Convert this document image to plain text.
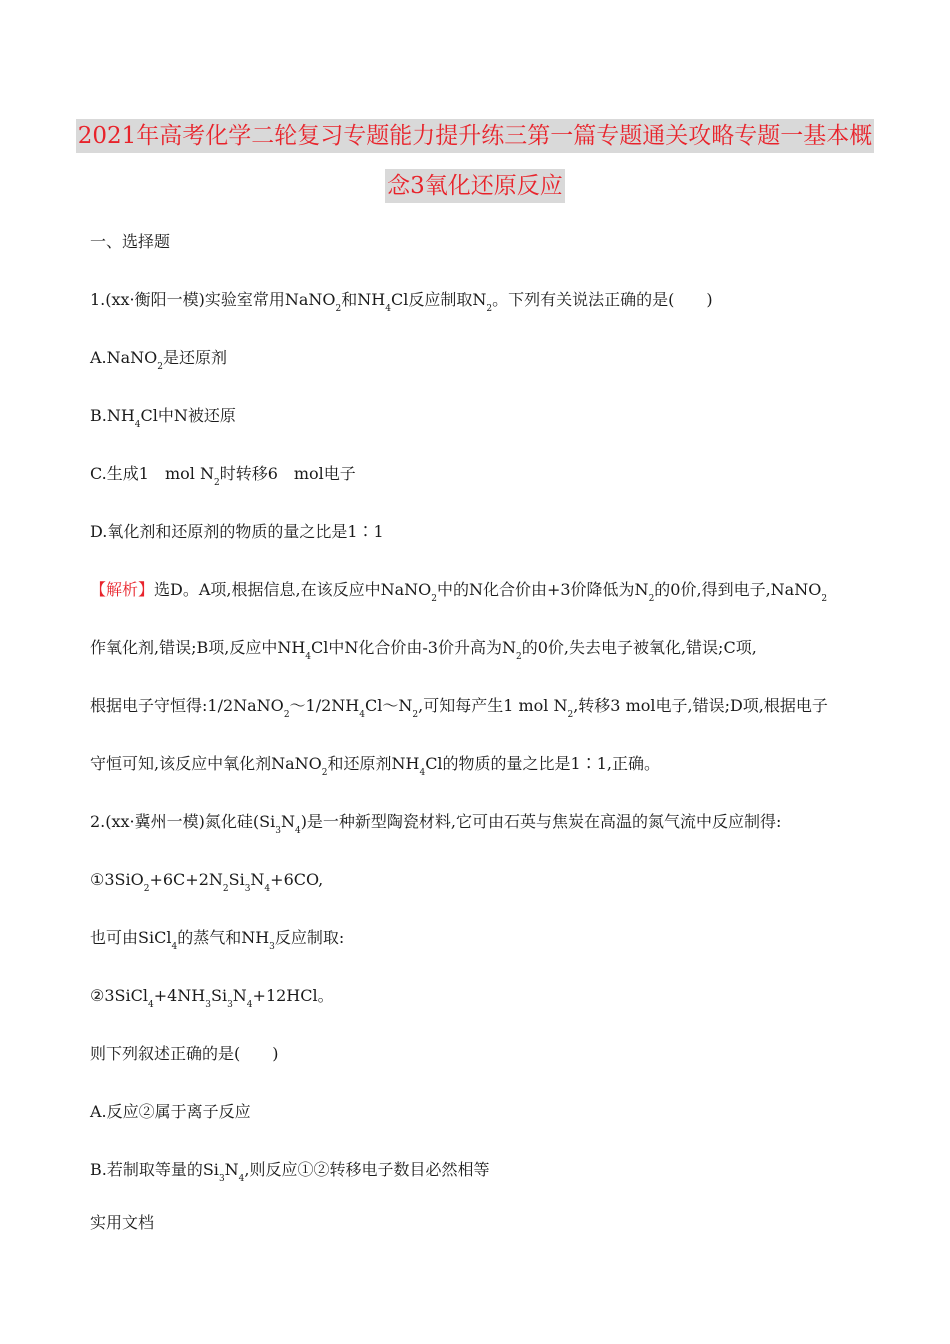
2021年高考化学二轮复习专题能力提升练三第一篇专题通关攻略专题一基本概
念3氧化还原反应
一、选择题
1.(xx·衡阳一模)实验室常用NaNO$_2$和$NH_4Cl$反应制取$N_2$。下列有关说法正确的是(　　)
A.NaNO$_2$是还原剂
$B.NH_4Cl$中N被还原
C.生成1　mol $N_2$时转移6　mol电子
D.氧化剂和还原剂的物质的量之比是1∶1
【解析】选D。A项,根据信息,在该反应中NaNO$_2$中的N化合价由+3价降低为$N_2$的0价,得到电子,NaNO$_2$
作氧化剂,错误;B项,反应中$NH_4Cl$中N化合价由-3价升高为$N_2$的0价,失去电子被氧化,错误;C项,
根据电子守恒得$:1/2NaNO_2\sim 1/2NH_4Cl\sim N_2$,可知每产生1 mol $N_2$,转移3 mol电子,错误;D项,根据电子
守恒可知,该反应中氧化剂NaNO$_2$和还原剂$NH_4Cl$的物质的量之比是1∶1,正确。
2.(xx·冀州一模)氮化硅$(Si_3N_4)$是一种新型陶瓷材料,它可由石英与焦炭在高温的氮气流中反应制得:
$①3SiO_2+6C+2N_2Si_3N_4+6CO$,
也可由SiCl$_4$的蒸气和$NH_3$反应制取:
$②3SiCl_4+4NH_3Si_3N_4+12HCl$。
则下列叙述正确的是(　　)
A.反应②属于离子反应
B.若制取等量的$Si_3N_4$,则反应①②转移电子数目必然相等
实用文档
